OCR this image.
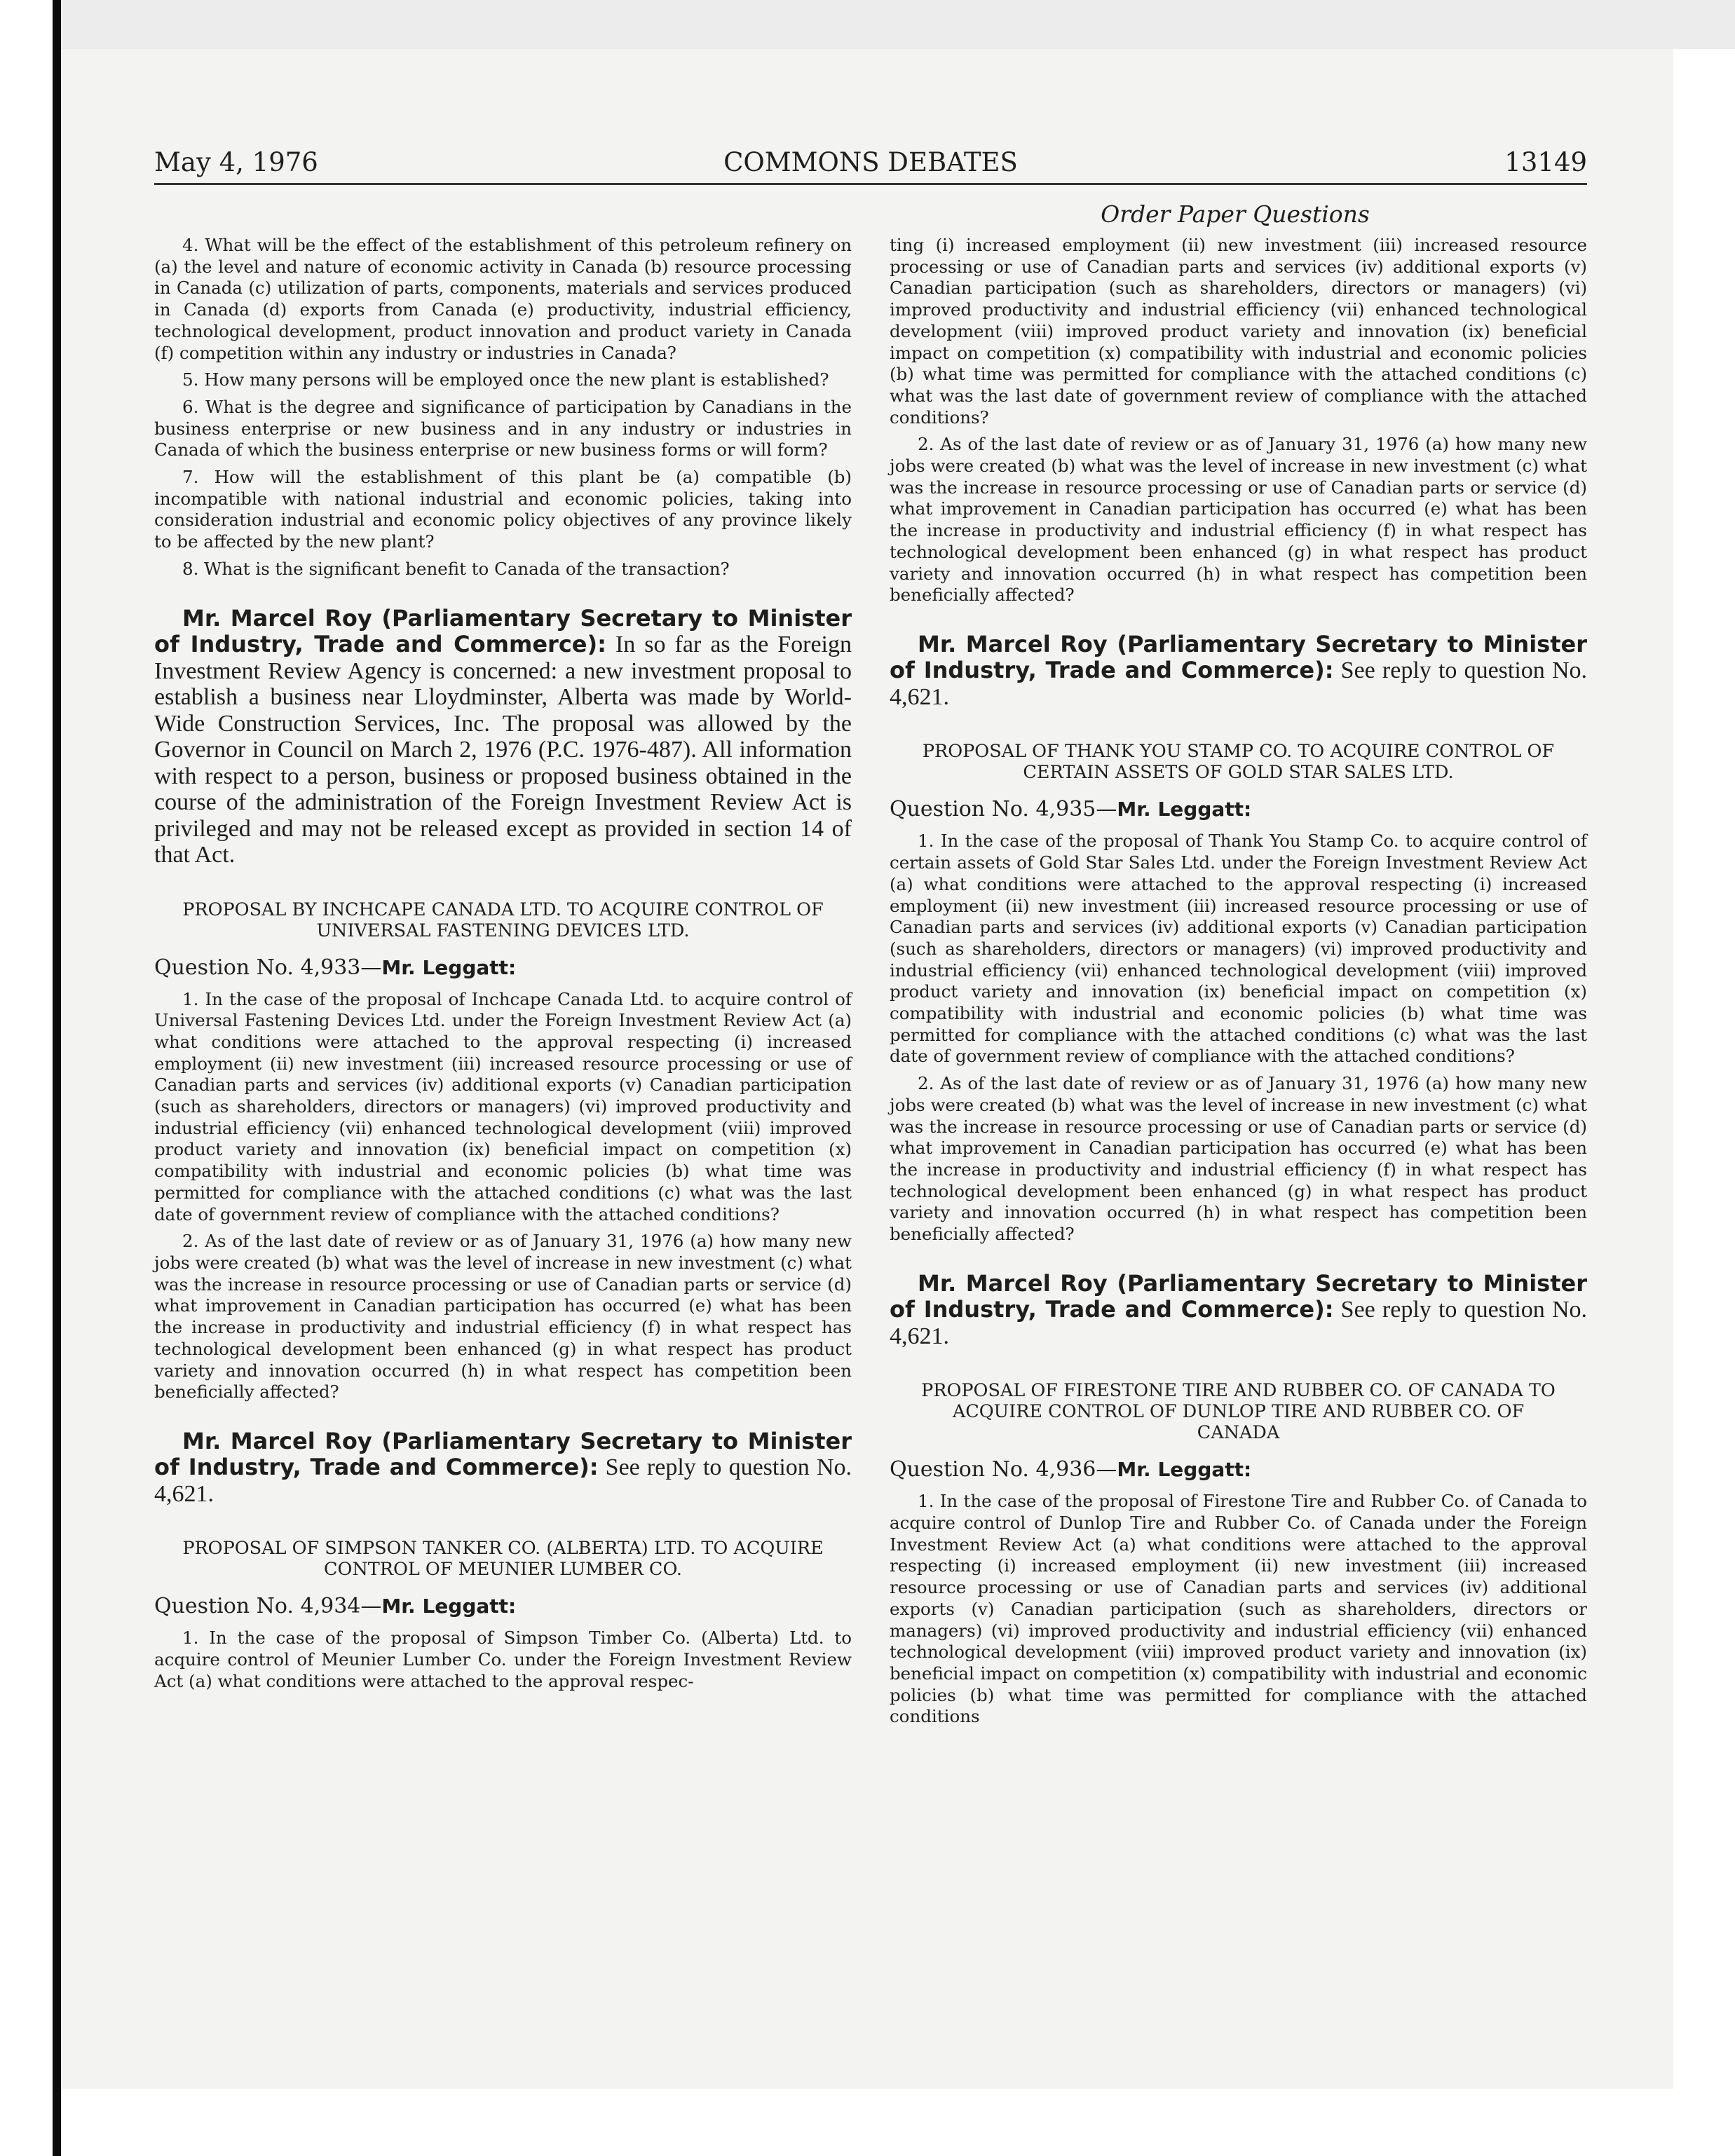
May 4, 1976	COMMONS DEBATES	13149
Order Paper Questions

4. What will be the effect of the establishment of this petroleum refinery on (a) the level and nature of economic activity in Canada (b) resource processing in Canada (c) utilization of parts, components, materials and services produced in Canada (d) exports from Canada (e) productivity, industrial efficiency, technological development, product innovation and product variety in Canada (f) competition within any industry or industries in Canada?

5. How many persons will be employed once the new plant is established?

6. What is the degree and significance of participation by Canadians in the business enterprise or new business and in any industry or industries in Canada of which the business enterprise or new business forms or will form?

7. How will the establishment of this plant be (a) compatible (b) incompatible with national industrial and economic policies, taking into consideration industrial and economic policy objectives of any province likely to be affected by the new plant?

8. What is the significant benefit to Canada of the transaction?

Mr. Marcel Roy (Parliamentary Secretary to Minister of Industry, Trade and Commerce): In so far as the Foreign Investment Review Agency is concerned: a new investment proposal to establish a business near Lloydminster, Alberta was made by World-Wide Construction Services, Inc. The proposal was allowed by the Governor in Council on March 2, 1976 (P.C. 1976-487). All information with respect to a person, business or proposed business obtained in the course of the administration of the Foreign Investment Review Act is privileged and may not be released except as provided in section 14 of that Act.

PROPOSAL BY INCHCAPE CANADA LTD. TO ACQUIRE CONTROL OF UNIVERSAL FASTENING DEVICES LTD.

Question No. 4,933—Mr. Leggatt:

1. In the case of the proposal of Inchcape Canada Ltd. to acquire control of Universal Fastening Devices Ltd. under the Foreign Investment Review Act (a) what conditions were attached to the approval respecting (i) increased employment (ii) new investment (iii) increased resource processing or use of Canadian parts and services (iv) additional exports (v) Canadian participation (such as shareholders, directors or managers) (vi) improved productivity and industrial efficiency (vii) enhanced technological development (viii) improved product variety and innovation (ix) beneficial impact on competition (x) compatibility with industrial and economic policies (b) what time was permitted for compliance with the attached conditions (c) what was the last date of government review of compliance with the attached conditions?

2. As of the last date of review or as of January 31, 1976 (a) how many new jobs were created (b) what was the level of increase in new investment (c) what was the increase in resource processing or use of Canadian parts or service (d) what improvement in Canadian participation has occurred (e) what has been the increase in productivity and industrial efficiency (f) in what respect has technological development been enhanced (g) in what respect has product variety and innovation occurred (h) in what respect has competition been beneficially affected?

Mr. Marcel Roy (Parliamentary Secretary to Minister of Industry, Trade and Commerce): See reply to question No. 4,621.

PROPOSAL OF SIMPSON TANKER CO. (ALBERTA) LTD. TO ACQUIRE CONTROL OF MEUNIER LUMBER CO.

Question No. 4,934—Mr. Leggatt:

1. In the case of the proposal of Simpson Timber Co. (Alberta) Ltd. to acquire control of Meunier Lumber Co. under the Foreign Investment Review Act (a) what conditions were attached to the approval respec-

ting (i) increased employment (ii) new investment (iii) increased resource processing or use of Canadian parts and services (iv) additional exports (v) Canadian participation (such as shareholders, directors or managers) (vi) improved productivity and industrial efficiency (vii) enhanced technological development (viii) improved product variety and innovation (ix) beneficial impact on competition (x) compatibility with industrial and economic policies (b) what time was permitted for compliance with the attached conditions (c) what was the last date of government review of compliance with the attached conditions?

2. As of the last date of review or as of January 31, 1976 (a) how many new jobs were created (b) what was the level of increase in new investment (c) what was the increase in resource processing or use of Canadian parts or service (d) what improvement in Canadian participation has occurred (e) what has been the increase in productivity and industrial efficiency (f) in what respect has technological development been enhanced (g) in what respect has product variety and innovation occurred (h) in what respect has competition been beneficially affected?

Mr. Marcel Roy (Parliamentary Secretary to Minister of Industry, Trade and Commerce): See reply to question No. 4,621.

PROPOSAL OF THANK YOU STAMP CO. TO ACQUIRE CONTROL OF CERTAIN ASSETS OF GOLD STAR SALES LTD.

Question No. 4,935—Mr. Leggatt:

1. In the case of the proposal of Thank You Stamp Co. to acquire control of certain assets of Gold Star Sales Ltd. under the Foreign Investment Review Act (a) what conditions were attached to the approval respecting (i) increased employment (ii) new investment (iii) increased resource processing or use of Canadian parts and services (iv) additional exports (v) Canadian participation (such as shareholders, directors or managers) (vi) improved productivity and industrial efficiency (vii) enhanced technological development (viii) improved product variety and innovation (ix) beneficial impact on competition (x) compatibility with industrial and economic policies (b) what time was permitted for compliance with the attached conditions (c) what was the last date of government review of compliance with the attached conditions?

2. As of the last date of review or as of January 31, 1976 (a) how many new jobs were created (b) what was the level of increase in new investment (c) what was the increase in resource processing or use of Canadian parts or service (d) what improvement in Canadian participation has occurred (e) what has been the increase in productivity and industrial efficiency (f) in what respect has technological development been enhanced (g) in what respect has product variety and innovation occurred (h) in what respect has competition been beneficially affected?

Mr. Marcel Roy (Parliamentary Secretary to Minister of Industry, Trade and Commerce): See reply to question No. 4,621.

PROPOSAL OF FIRESTONE TIRE AND RUBBER CO. OF CANADA TO ACQUIRE CONTROL OF DUNLOP TIRE AND RUBBER CO. OF CANADA

Question No. 4,936—Mr. Leggatt:

1. In the case of the proposal of Firestone Tire and Rubber Co. of Canada to acquire control of Dunlop Tire and Rubber Co. of Canada under the Foreign Investment Review Act (a) what conditions were attached to the approval respecting (i) increased employment (ii) new investment (iii) increased resource processing or use of Canadian parts and services (iv) additional exports (v) Canadian participation (such as shareholders, directors or managers) (vi) improved productivity and industrial efficiency (vii) enhanced technological development (viii) improved product variety and innovation (ix) beneficial impact on competition (x) compatibility with industrial and economic policies (b) what time was permitted for compliance with the attached conditions
